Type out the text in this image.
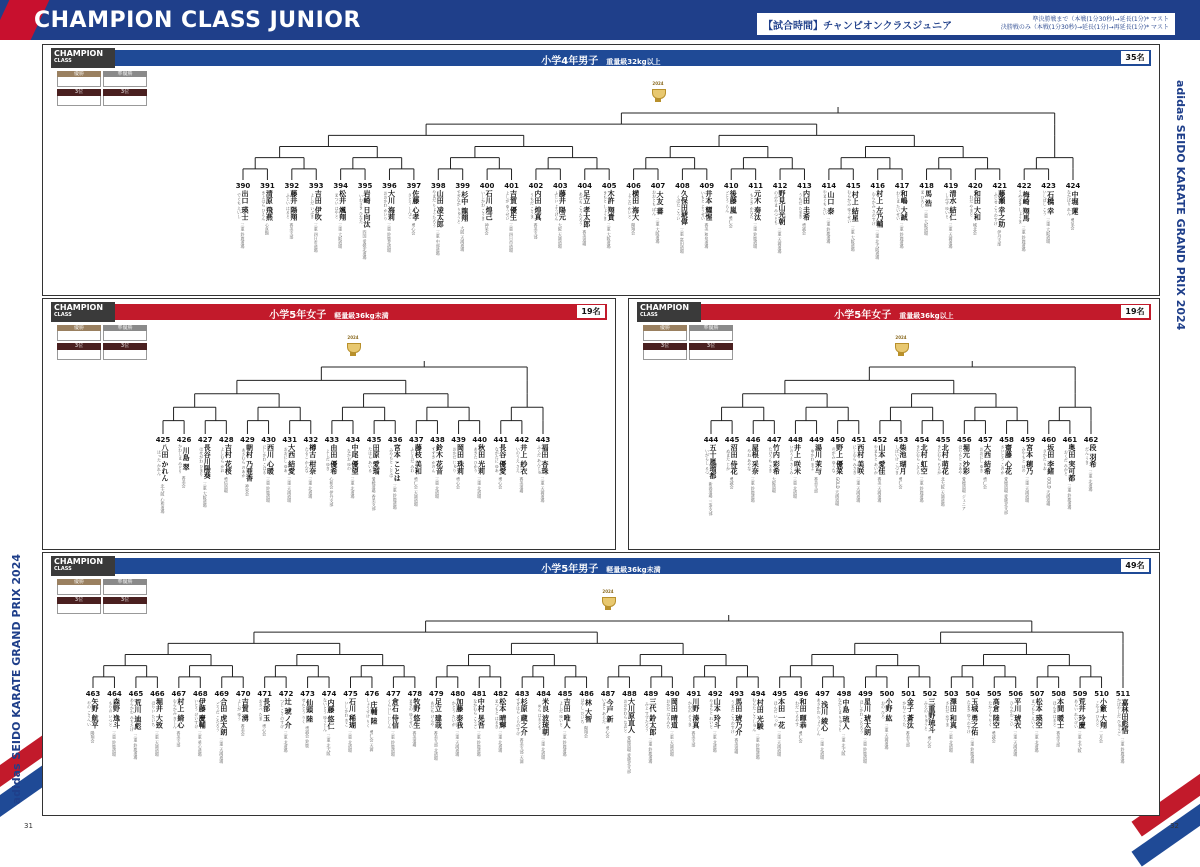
CHAMPION CLASS JUNIOR	【試合時間】チャンピオンクラスジュニア
準決勝戦まで（本戦(1分30秒)→延長(1分)* マスト
決勝戦のみ（本戦(1分30秒)→延長(1分)→再延長(1分)* マスト
adidas SEIDO KARATE GRAND PRIX 2024
adidas SEIDO KARATE GRAND PRIX 2024
31	32
CHAMPION
CLASS	小学4年男子 重量級32kg以上	35名
優勝	準優勝
3位	3位
2024
390
でぐち えいし 出口 瑛士
三重 鈴鹿道場
391
きよはら ひえん 清原 飛燕
心真館
392
ふじい はると 藤井 陽翔
香美支部
393
よしだ いぶき 吉田 伊吹
三重 四日市道場
394
まつい はやと 松井 颯翔
三重 大阪道場
395
いわさき ひなた 岩崎 日向汰
四国 愛媛北道場
396
おおかわ かいり 大川 海莉
三重 鈴鹿北道場
397
さとう しんご 佐藤 心孝
勇心会
398
やまだ りょうたろう 山田 凌太郎
三重 中部道場
399
すぎなか りゅうと 杉中 龍翔
大阪 天満道場
400
いしかわ こうき 石川 煌己
神栄会
401
よしが ゆうせい 吉賀 優生
三重 四日市道場
402
うちだ こうま 内田 煌真
香美支部
403
ふじい ようげん 藤井 陽元
大阪 天満道場
404
あだち こうたろう 足立 孝太郎
香美道場
405
きもと しょうき 木許 翔貴
三重 大阪道場
406
よこた かいと 横田 海大
陽翔会
407
おおとも ばん 大友 蕃
三重 大阪道場
408
くぼた こうい 久保田琥偉
三重 富田道場
409
いもと ようせい 井本 耀惺
香美 和泉道場
410
ごとう らん 後藤 嵐
勇仁会
411
もとき かなた 元木 奏汰
三重 鈴鹿道場
412
のみやま みつとも 野見山光朝
三重 天満道場
413
うちだ たまき 内田 圭希
勇誠会
414
やまぐち たい 山口 泰
三重 鈴鹿道場
415
むらかみ ゆうせい 村上 結星
三重 大阪道場
416
むらかみ さのすけ 村上 左乃輔
三重 北大阪道場
417
わじま たいせい 和嶋 大誠
三重 鈴鹿道場
418
ま ひろし 馬 浩
三重 大阪道場
419
しみず ゆいと 清水 結仁
三重 天満道場
420
わだ やまと 和田 大和
城北会
421
ふじせ こうのすけ 藤瀬 幸之助
伊丹支部
422
うめざき しょうま 梅崎 翔馬
三重 鈴鹿道場
423
いしばし こう 石橋 幸
三重 大阪道場
424
なかぼり れん 中堀 蓮
勇気会
CHAMPION
CLASS	小学5年女子 軽量級36kg未満	19名
優勝	準優勝
3位	3位
2024
425
はった かれん 八田 かれん
北大阪 心和道場
426
かわしま みどり 川島 翠
香美会
427
はせがわ ひまり 長谷川陽葵
三重 大阪道場
428
よしむら かお 吉村 花桜
勇信道場
429
あさむら のあか 朝村 乃亜香
神栄会
430
にしかわ こはる 西川 心暖
三重 鈴鹿道場
431
おおにし ゆあ 大西 結愛
三重 天満道場
432
たるこ かんな 樽古 柑奈
三重 北道場
433
よしだ ゆき 由田 優希
心和会 伊丹支部
434
なかお ゆの 中尾 優望
三重 北道場
435
たはら あいる 田原 愛瑠
愛媛道場 香美支部
436
みやもと ことは 宮本 ことは
三重 鈴鹿道場
437
ふじえだ みわ 藤枝 美和
勇仁会 天満道場
438
すずき かのん 鈴木 花音
三重 北道場
439
おかだ じゅり 岡田 珠莉
勇心会
440
あきた ひかり 秋田 光莉
三重 北道場
441
ながたに ゆあ 長谷 優愛
勇心会
442
いのうえ さえ 井上 紗衣
香美道場
443
ふくだ あんじゅ 福田 杏珠
三重 天満道場
CHAMPION
CLASS	小学5年女子 重量級36kg以上	19名
優勝	準優勝
3位	3位
2024
444
いがらし るつ 五十嵐瑠都
新潟道場 三条支部
445
ぬまた じか 沼田 侍花
勇誠会
446
やね あやな 屋根 采奈
三重 鈴鹿道場
447
たけうち さき 竹内 彩希
大阪道場
448
いのうえ さくみ 井上 咲未
三重 北道場
449
ゆかわ まよ 湯川 茉与
香美支部
450
のがみ ゆうな 野上 優菜
GOLD 天満道場
451
にしむら みさき 西村 美咲
三重 天満道場
452
やまもと あいか 山本 愛佳
香美 天満道場
453
しばいけ こづき 柴池 瑚月
勇仁会
454
きたむら こそら 北村 虹空
三重 鈴鹿道場
455
きたむら もえか 北村 萌花
北大阪 天満道場
456
ほりもと さあや 堀元 沙彩
愛媛道場 ジュニア
457
おおにし ゆき 大西 結希
勇仁会
458
さいとう このか 齋藤 心花
愛媛道場 愛媛北支部
459
みやもと ほの 宮本 穂乃
三重 天満道場
460
さかた りお 坂田 李緒
GOLD 天満道場
461
おくだ みかと 奥田 実可都
三重 鈴鹿道場
462
だん うき 段 羽希
三重 北道場
CHAMPION
CLASS	小学5年男子 軽量級36kg未満	49名
優勝	準優勝
3位	3位
2024
463
やの こうへい 矢野 航平
陽翔会
464
もりの いつと 森野 逸斗
三重 鈴鹿道場
465
あらかわ みちたけ 荒川 迪彪
三重 鈴鹿道場
466
ほりい たいち 堀井 大致
三重 天満道場
467
むらかみ きしん 村上 綺心
香美支部
468
いとう けいすけ 伊藤 慶輔
三重 勇心道場
469
ごうだ こたろう 合田 虎太朗
三重 天満道場
470
よしが ゆう 吉賀 湧
香美会
471
おさべ たま 長部 玉
勇心会
472
つじ こうのすけ 辻 琥ノ介
三重 北道場
473
せんとう りく 仙頭 陸
勇誠会 鈴鹿
474
ないとう ゆうじん 内藤 悠仁
三重 北大阪
475
いしかわ きこ 石川 稀瑚
三重 北道場
476
しょうすけ りく 庄輔 陸
勇仁会 天満
477
くらいし じしん 倉石 侍信
三重 鈴鹿道場
478
まきの ゆうせい 牧野 悠生
香美道場
479
あだち けんや 足立 建哉
香美支部 北道場
480
かとう たいが 加藤 泰我
三重 天満道場
481
なかむら こうご 中村 晃吾
三重 鈴鹿道場
482
まつもと はるき 松本 晴輝
三重 北道場
483
すぎはら くらのすけ 杉原 蔵之介
香美支部 天満
484
めら はるとも 米良 波琉朝
三重 北道場
485
よしだ ゆいと 吉田 唯人
三重 鈴鹿道場
486
はやし だいち 林 大智
陽翔会
487
いまと あらた 今戸 新
勇心会
488
おおかわら なおと 大川原直人
愛媛道場 愛媛北支部
489
みよ すずたろう 三代 鈴太郎
三重 鈴鹿道場
490
おかだ はるみち 岡田 晴道
三重 天満道場
491
かわの そうま 川野 湊真
香美支部
492
やまもと れいと 山本 玲斗
三重 北道場
493
うまだ こうのすけ 馬田 琥乃介
香美道場
494
むらた こうしゅん 村田 光駿
三重 鈴鹿道場
495
ほんだ いっか 本田 一花
三重 天満道場
496
わだ てるやす 和田 暉恭
勇仁会
497
あさかわ りょうしん 浅川 綾心
三重 北道場
498
なかじま りゅうと 中島 琉人
三重 北大阪
499
ほしかわ こたろう 星川 琥太朗
三重 鈴鹿道場
500
おの ひろ 小野 紘
三重 天満道場
501
かねこ そうた 金子 蒼汰
香美支部
502
みえの りゅうと 三重野琉斗
勇心会
503
さわだ かずま 澤田 和真
三重 北道場
504
たまき ゆうのすけ 玉城 勇之佑
三重 鈴鹿道場
505
たかくら りく 高倉 陸空
勇誠会
506
ひらかわ こい 平川 琥衣
三重 天満道場
507
まつもと えいく 松本 瑛空
三重 北道場
508
ほんま はると 本間 暖士
香美支部
509
あらい れいけい 荒井 玲慶
三重 北大阪
510
こやぶ ひろと 小籔 大翔
二月会
511
かばやしだ ひゅうご 嘉林田彪悟
三重 鈴鹿道場
